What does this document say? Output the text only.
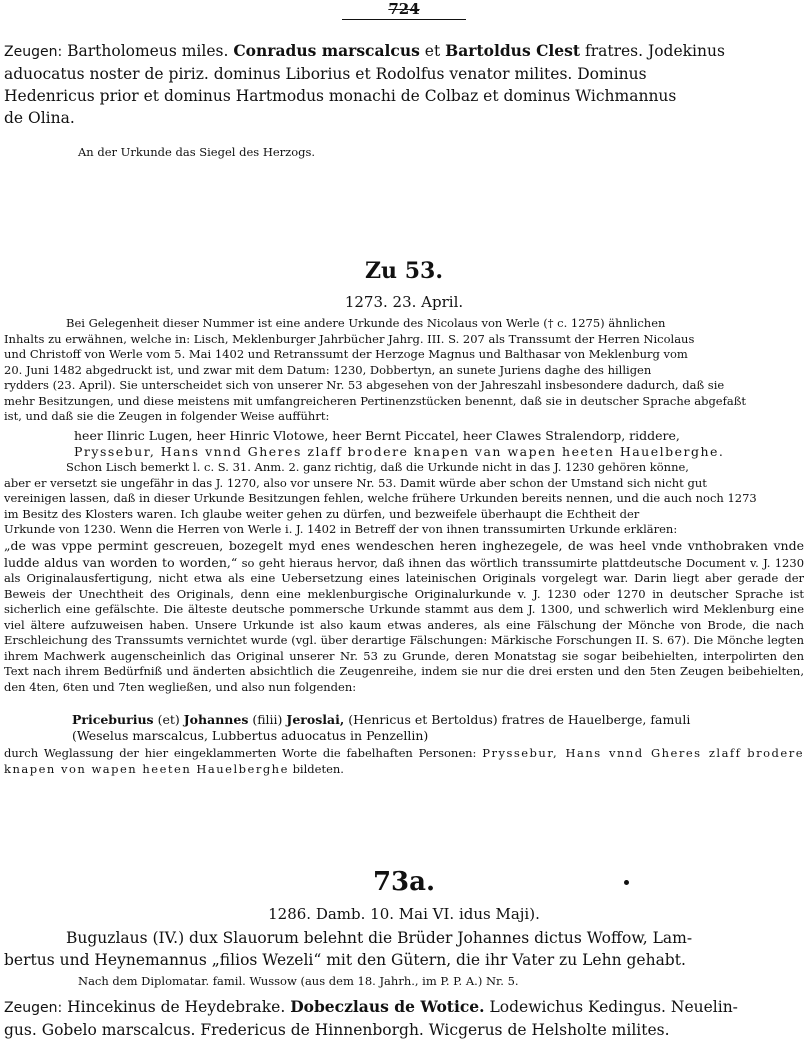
724
Zeugen: Bartholomeus miles. Conradus marscalcus et Bartoldus Clest fratres. Jodekinus
aduocatus noster de piriz. dominus Liborius et Rodolfus venator milites. Dominus
Hedenricus prior et dominus Hartmodus monachi de Colbaz et dominus Wichmannus
de Olina.
An der Urkunde das Siegel des Herzogs.
Zu 53.
1273. 23. April.
Bei Gelegenheit dieser Nummer ist eine andere Urkunde des Nicolaus von Werle († c. 1275) ähnlichen
Inhalts zu erwähnen, welche in: Lisch, Meklenburger Jahrbücher Jahrg. III. S. 207 als Transsumt der Herren Nicolaus
und Christoff von Werle vom 5. Mai 1402 und Retranssumt der Herzoge Magnus und Balthasar von Meklenburg vom
20. Juni 1482 abgedruckt ist, und zwar mit dem Datum: 1230, Dobbertyn, an sunete Juriens daghe des hilligen
rydders (23. April). Sie unterscheidet sich von unserer Nr. 53 abgesehen von der Jahreszahl insbesondere dadurch, daß sie
mehr Besitzungen, und diese meistens mit umfangreicheren Pertinenzstücken benennt, daß sie in deutscher Sprache abgefaßt
ist, und daß sie die Zeugen in folgender Weise aufführt:
heer Ilinric Lugen, heer Hinric Vlotowe, heer Bernt Piccatel, heer Clawes Stralendorp, riddere,
Pryssebur, Hans vnnd Gheres zlaff brodere knapen van wapen heeten Hauelberghe.
Schon Lisch bemerkt l. c. S. 31. Anm. 2. ganz richtig, daß die Urkunde nicht in das J. 1230 gehören könne,
aber er versetzt sie ungefähr in das J. 1270, also vor unsere Nr. 53. Damit würde aber schon der Umstand sich nicht gut
vereinigen lassen, daß in dieser Urkunde Besitzungen fehlen, welche frühere Urkunden bereits nennen, und die auch noch 1273
im Besitz des Klosters waren. Ich glaube weiter gehen zu dürfen, und bezweifele überhaupt die Echtheit der
Urkunde von 1230. Wenn die Herren von Werle i. J. 1402 in Betreff der von ihnen transsumirten Urkunde erklären:
„de was vppe permint gescreuen, bozegelt myd enes wendeschen heren inghezegele, de was heel vnde vnthobraken vnde ludde aldus van worden to worden,“ so geht hieraus hervor, daß ihnen das wörtlich transsumirte plattdeutsche Document v. J. 1230 als Originalausfertigung, nicht etwa als eine Uebersetzung eines lateinischen Originals vorgelegt war. Darin liegt aber gerade der Beweis der Unechtheit des Originals, denn eine meklenburgische Originalurkunde v. J. 1230 oder 1270 in deutscher Sprache ist sicherlich eine gefälschte. Die älteste deutsche pommersche Urkunde stammt aus dem J. 1300, und schwerlich wird Meklenburg eine viel ältere aufzuweisen haben. Unsere Urkunde ist also kaum etwas anderes, als eine Fälschung der Mönche von Brode, die nach Erschleichung des Transsumts vernichtet wurde (vgl. über derartige Fälschungen: Märkische Forschungen II. S. 67). Die Mönche legten ihrem Machwerk augenscheinlich das Original unserer Nr. 53 zu Grunde, deren Monatstag sie sogar beibehielten, interpolirten den Text nach ihrem Bedürfniß und änderten absichtlich die Zeugenreihe, indem sie nur die drei ersten und den 5ten Zeugen beibehielten, den 4ten, 6ten und 7ten wegließen, und also nun folgenden:
Priceburius (et) Johannes (filii) Jeroslai, (Henricus et Bertoldus) fratres de Hauelberge, famuli
(Weselus marscalcus, Lubbertus aduocatus in Penzellin)
durch Weglassung der hier eingeklammerten Worte die fabelhaften Personen: Pryssebur, Hans vnnd Gheres zlaff brodere knapen von wapen heeten Hauelberghe bildeten.
73a.
1286. Damb. 10. Mai VI. idus Maji).
Buguzlaus (IV.) dux Slauorum belehnt die Brüder Johannes dictus Woffow, Lam-
bertus und Heynemannus „filios Wezeli“ mit den Gütern, die ihr Vater zu Lehn gehabt.
Nach dem Diplomatar. famil. Wussow (aus dem 18. Jahrh., im P. P. A.) Nr. 5.
Zeugen: Hincekinus de Heydebrake. Dobeczlaus de Wotice. Lodewichus Kedingus. Neuelin-
gus. Gobelo marscalcus. Fredericus de Hinnenborgh. Wicgerus de Helsholte milites.
